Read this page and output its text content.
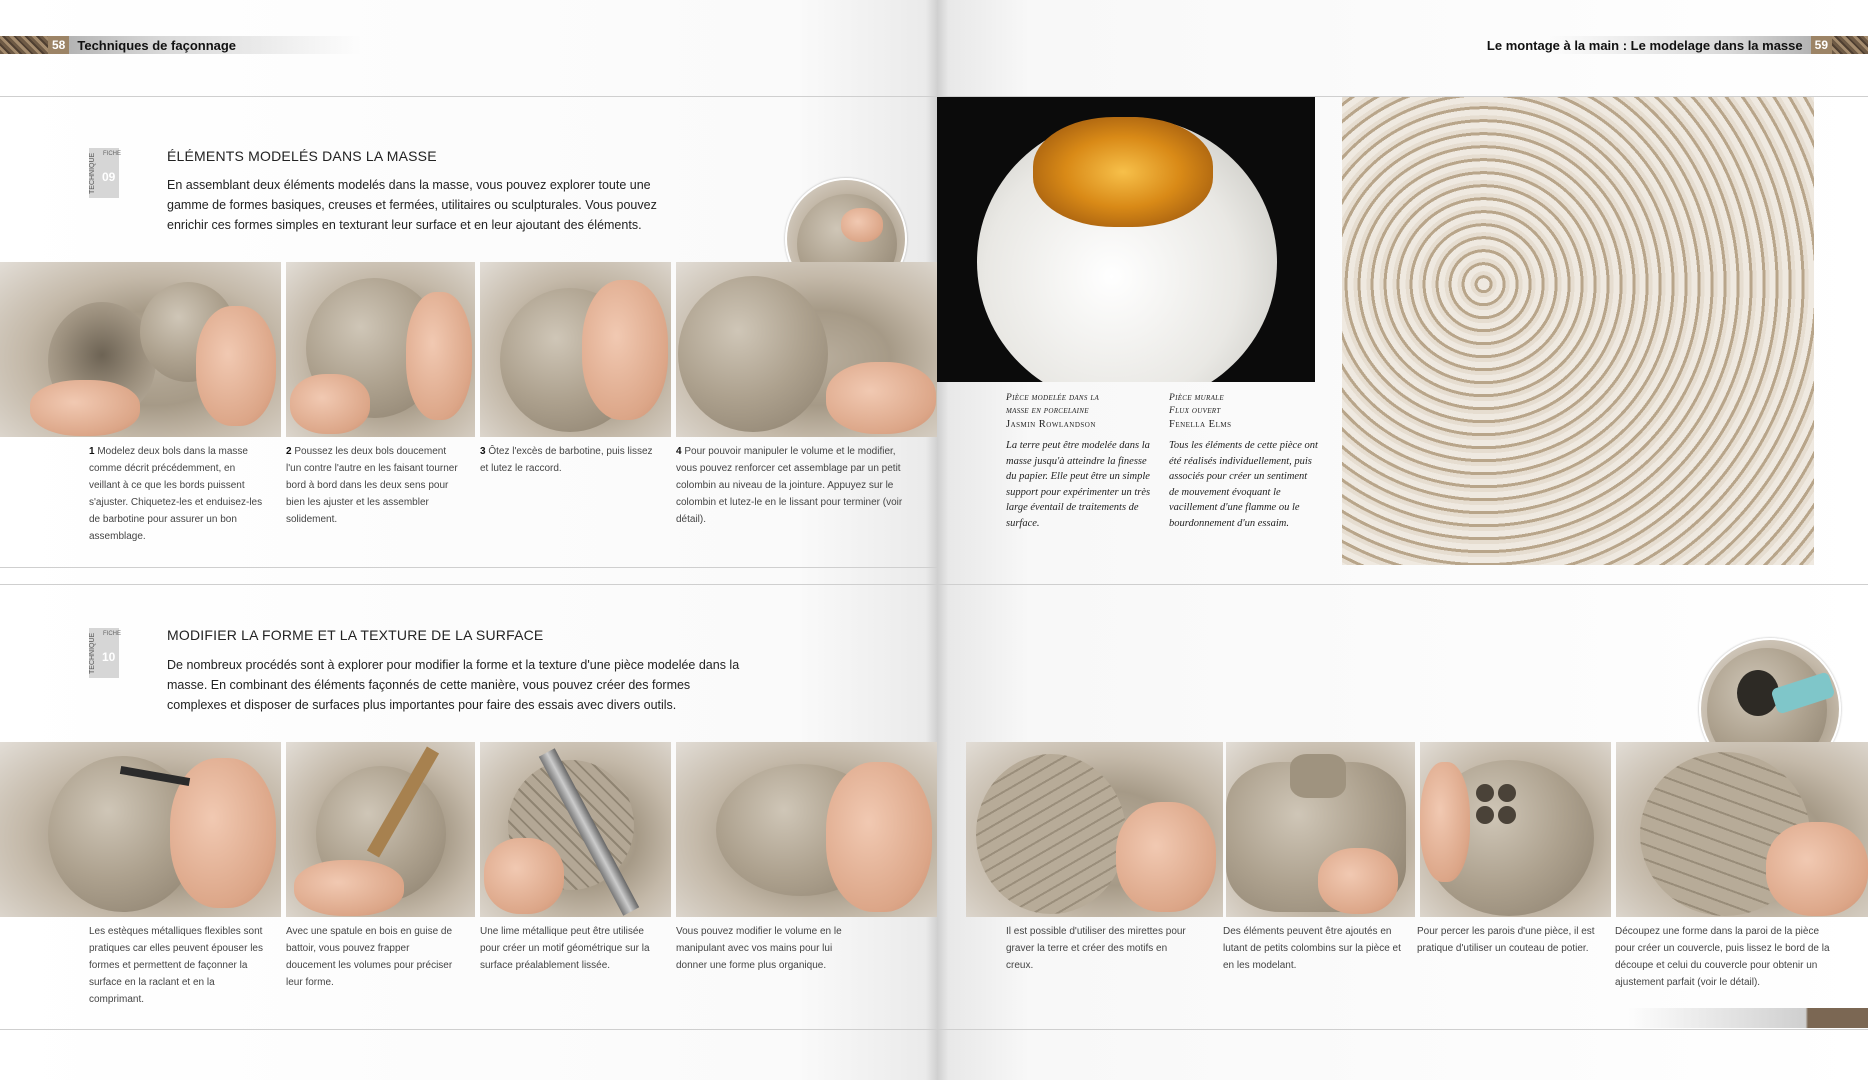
58 Techniques de façonnage	Le montage à la main : Le modelage dans la masse	59
TECHNIQUE	FICHE
09
ÉLÉMENTS MODELÉS DANS LA MASSE
En assemblant deux éléments modelés dans la masse, vous pouvez explorer toute une gamme de formes basiques, creuses et fermées, utilitaires ou sculpturales. Vous pouvez enrichir ces formes simples en texturant leur surface et en leur ajoutant des éléments.
1 Modelez deux bols dans la masse comme décrit précédemment, en veillant à ce que les bords puissent s'ajuster. Chiquetez-les et enduisez-les de barbotine pour assurer un bon assemblage.
2 Poussez les deux bols doucement l'un contre l'autre en les faisant tourner bord à bord dans les deux sens pour bien les ajuster et les assembler solidement.
3 Ôtez l'excès de barbotine, puis lissez et lutez le raccord.
4 Pour pouvoir manipuler le volume et le modifier, vous pouvez renforcer cet assemblage par un petit colombin au niveau de la jointure. Appuyez sur le colombin et lutez-le en le lissant pour terminer (voir détail).
Pièce modelée dans la
masse en porcelaine
Jasmin Rowlandson
La terre peut être modelée dans la masse jusqu'à atteindre la finesse du papier. Elle peut être un simple support pour expérimenter un très large éventail de traitements de surface.
Pièce murale
Flux ouvert
Fenella Elms
Tous les éléments de cette pièce ont été réalisés individuellement, puis associés pour créer un sentiment de mouvement évoquant le vacillement d'une flamme ou le bourdonnement d'un essaim.
TECHNIQUE	FICHE
10
MODIFIER LA FORME ET LA TEXTURE DE LA SURFACE
De nombreux procédés sont à explorer pour modifier la forme et la texture d'une pièce modelée dans la masse. En combinant des éléments façonnés de cette manière, vous pouvez créer des formes complexes et disposer de surfaces plus importantes pour faire des essais avec divers outils.
Les estèques métalliques flexibles sont pratiques car elles peuvent épouser les formes et permettent de façonner la surface en la raclant et en la comprimant.
Avec une spatule en bois en guise de battoir, vous pouvez frapper doucement les volumes pour préciser leur forme.
Une lime métallique peut être utilisée pour créer un motif géométrique sur la surface préalablement lissée.
Vous pouvez modifier le volume en le manipulant avec vos mains pour lui donner une forme plus organique.
Il est possible d'utiliser des mirettes pour graver la terre et créer des motifs en creux.
Des éléments peuvent être ajoutés en lutant de petits colombins sur la pièce et en les modelant.
Pour percer les parois d'une pièce, il est pratique d'utiliser un couteau de potier.
Découpez une forme dans la paroi de la pièce pour créer un couvercle, puis lissez le bord de la découpe et celui du couvercle pour obtenir un ajustement parfait (voir le détail).
